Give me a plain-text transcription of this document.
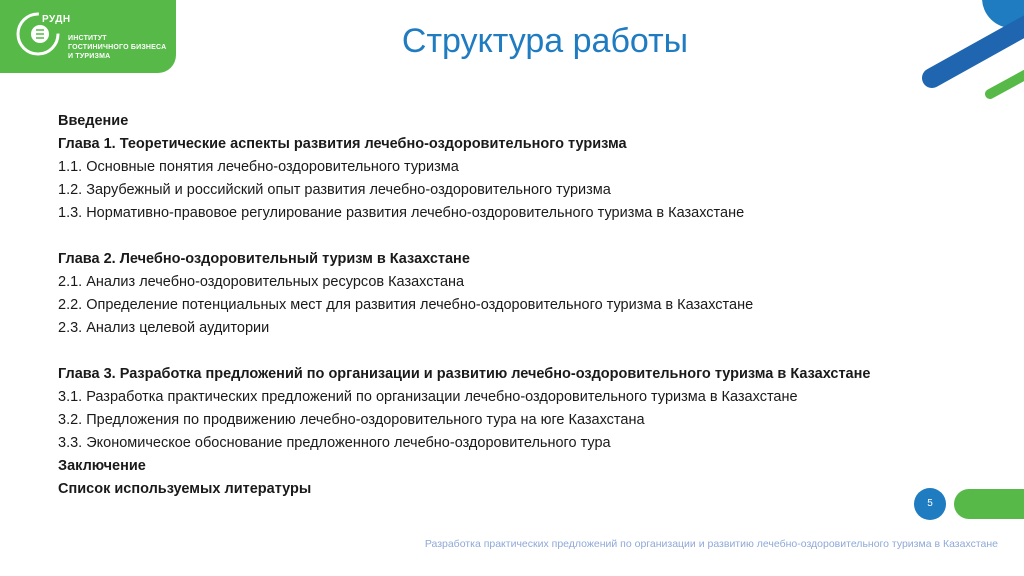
РУДН
ИНСТИТУТ
ГОСТИНИЧНОГО БИЗНЕСА
И ТУРИЗМА	Структура работы
Введение
Глава 1. Теоретические аспекты развития лечебно-оздоровительного туризма
1.1. Основные понятия лечебно-оздоровительного туризма
1.2. Зарубежный и российский опыт развития лечебно-оздоровительного туризма
1.3. Нормативно-правовое регулирование развития лечебно-оздоровительного туризма в Казахстане
Глава 2. Лечебно-оздоровительный туризм в Казахстане
2.1. Анализ лечебно-оздоровительных ресурсов Казахстана
2.2. Определение потенциальных мест для развития лечебно-оздоровительного туризма в Казахстане
2.3. Анализ целевой аудитории
Глава 3. Разработка предложений по организации и развитию лечебно-оздоровительного туризма в Казахстане
3.1. Разработка практических предложений по организации лечебно-оздоровительного туризма в Казахстане
3.2. Предложения по продвижению лечебно-оздоровительного тура на юге Казахстана
3.3. Экономическое обоснование предложенного лечебно-оздоровительного тура
Заключение
Список используемых литературы
5
Разработка практических предложений по организации и развитию лечебно-оздоровительного туризма в Казахстане
